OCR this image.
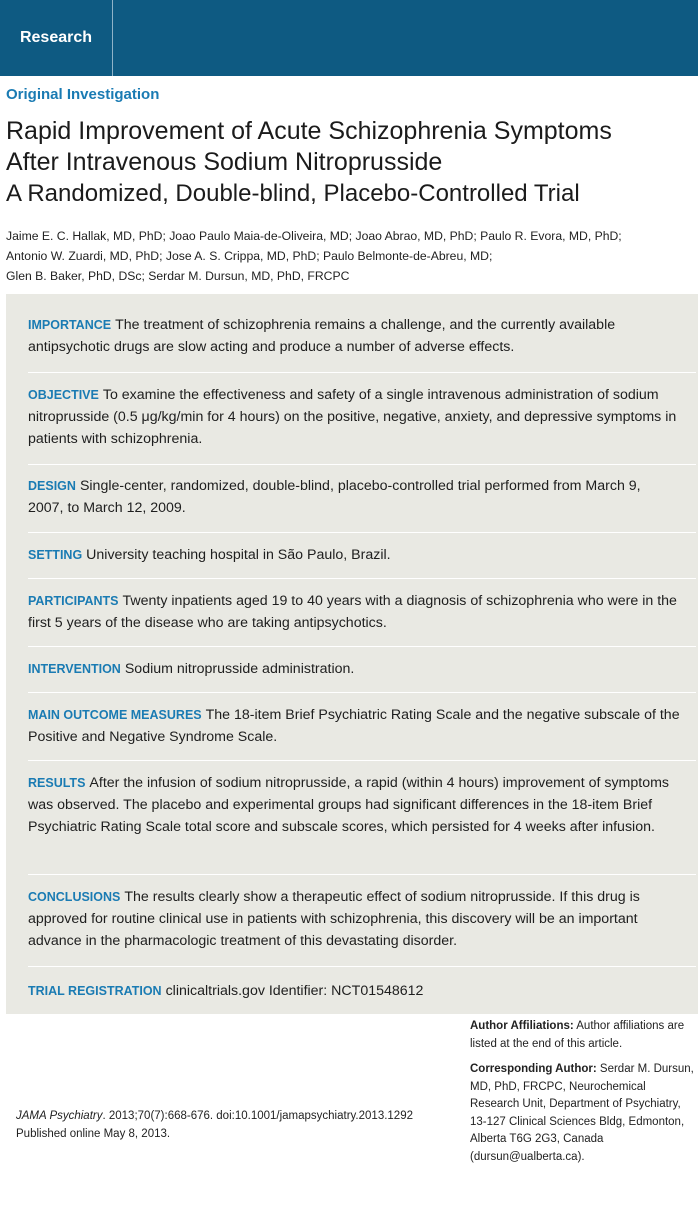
Research
Original Investigation
Rapid Improvement of Acute Schizophrenia Symptoms
After Intravenous Sodium Nitroprusside
A Randomized, Double-blind, Placebo-Controlled Trial
Jaime E. C. Hallak, MD, PhD; Joao Paulo Maia-de-Oliveira, MD; Joao Abrao, MD, PhD; Paulo R. Evora, MD, PhD;
Antonio W. Zuardi, MD, PhD; Jose A. S. Crippa, MD, PhD; Paulo Belmonte-de-Abreu, MD;
Glen B. Baker, PhD, DSc; Serdar M. Dursun, MD, PhD, FRCPC
IMPORTANCE The treatment of schizophrenia remains a challenge, and the currently available antipsychotic drugs are slow acting and produce a number of adverse effects.
OBJECTIVE To examine the effectiveness and safety of a single intravenous administration of sodium nitroprusside (0.5 μg/kg/min for 4 hours) on the positive, negative, anxiety, and depressive symptoms in patients with schizophrenia.
DESIGN Single-center, randomized, double-blind, placebo-controlled trial performed from March 9, 2007, to March 12, 2009.
SETTING University teaching hospital in São Paulo, Brazil.
PARTICIPANTS Twenty inpatients aged 19 to 40 years with a diagnosis of schizophrenia who were in the first 5 years of the disease who are taking antipsychotics.
INTERVENTION Sodium nitroprusside administration.
MAIN OUTCOME MEASURES The 18-item Brief Psychiatric Rating Scale and the negative subscale of the Positive and Negative Syndrome Scale.
RESULTS After the infusion of sodium nitroprusside, a rapid (within 4 hours) improvement of symptoms was observed. The placebo and experimental groups had significant differences in the 18-item Brief Psychiatric Rating Scale total score and subscale scores, which persisted for 4 weeks after infusion.
CONCLUSIONS The results clearly show a therapeutic effect of sodium nitroprusside. If this drug is approved for routine clinical use in patients with schizophrenia, this discovery will be an important advance in the pharmacologic treatment of this devastating disorder.
TRIAL REGISTRATION clinicaltrials.gov Identifier: NCT01548612
JAMA Psychiatry. 2013;70(7):668-676. doi:10.1001/jamapsychiatry.2013.1292
Published online May 8, 2013.

Author Affiliations: Author affiliations are listed at the end of this article.

Corresponding Author: Serdar M. Dursun, MD, PhD, FRCPC, Neurochemical Research Unit, Department of Psychiatry, 13-127 Clinical Sciences Bldg, Edmonton, Alberta T6G 2G3, Canada (dursun@ualberta.ca).
